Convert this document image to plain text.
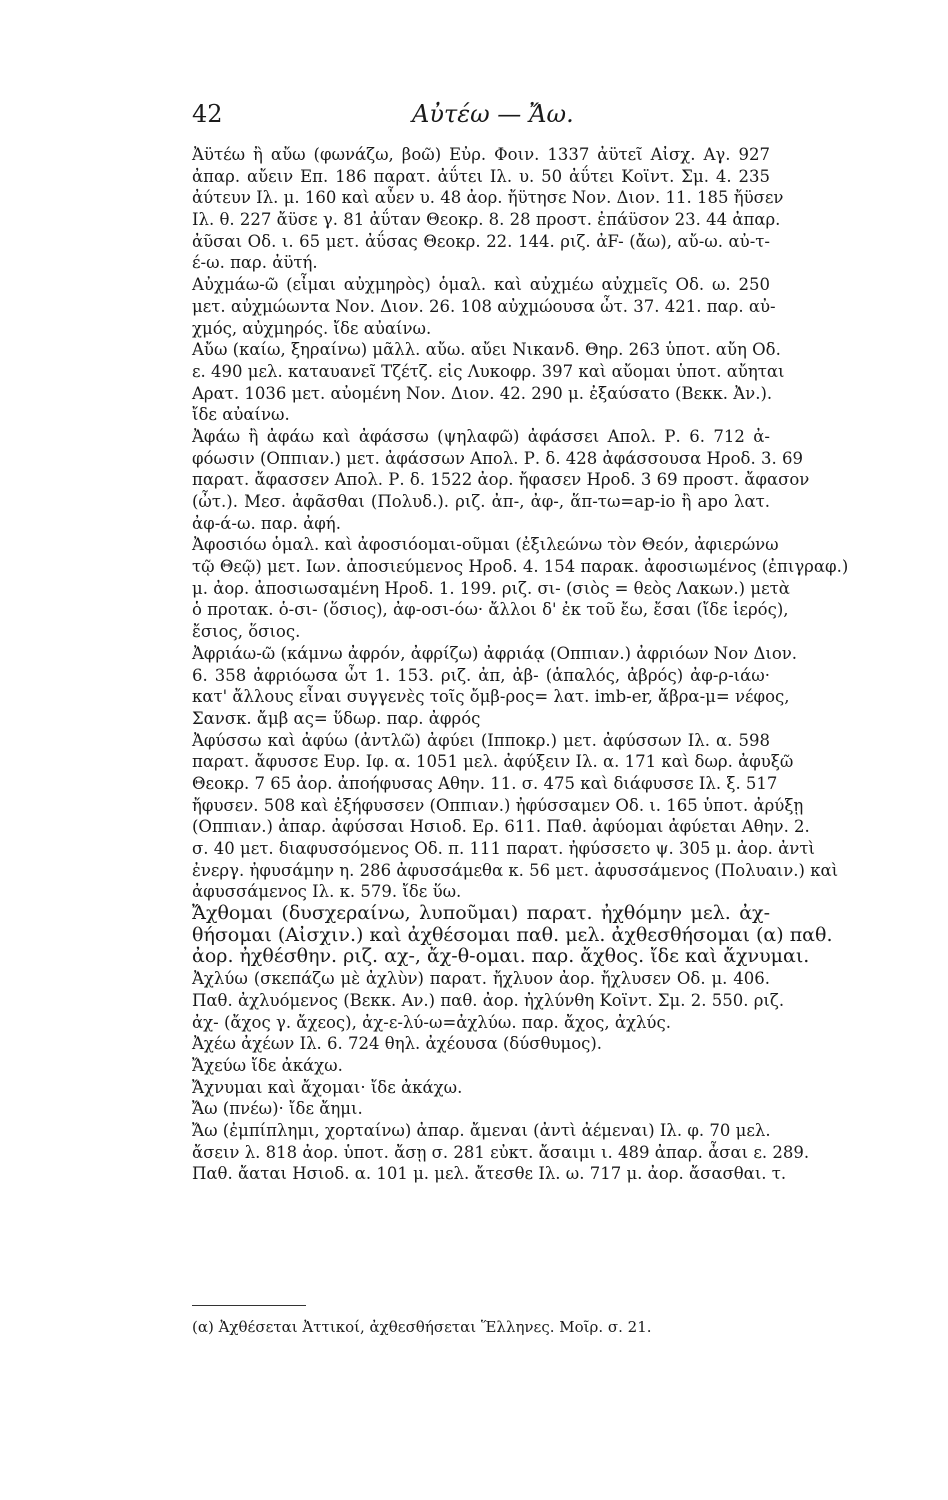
42	Αὐτέω — Ἄω.
Ἀϋτέω ἢ αὔω (φωνάζω, βοῶ) Εὐρ. Φοιν. 1337 ἀϋτεῖ Αἰσχ. Αγ. 927
ἀπαρ. αὔειν Επ. 186 παρατ. ἀΰτει Ιλ. υ. 50 ἀΰτει Κοϊντ. Σμ. 4. 235
ἀύτευν Ιλ. μ. 160 καὶ αὖεν υ. 48 ἀορ. ἤϋτησε Νον. Διον. 11. 185 ἤϋσεν
Ιλ. θ. 227 ἄϋσε γ. 81 ἀΰταν Θεοκρ. 8. 28 προστ. ἐπάϋσον 23. 44 ἀπαρ.
ἀῦσαι Οδ. ι. 65 μετ. ἀΰσας Θεοκρ. 22. 144. ριζ. ἀF- (ἄω), αὔ-ω. αὐ-τ-
έ-ω. παρ. ἀϋτή.
Αὐχμάω-ῶ (εἶμαι αὐχμηρὸς) ὁμαλ. καὶ αὐχμέω αὐχμεῖς Οδ. ω. 250
μετ. αὐχμώωντα Νον. Διον. 26. 108 αὐχμώουσα ὦτ. 37. 421. παρ. αὐ-
χμός, αὐχμηρός. ἴδε αὐαίνω.
Αὔω (καίω, ξηραίνω) μᾶλλ. αὔω. αὔει Νικανδ. Θηρ. 263 ὑποτ. αὔη Οδ.
ε. 490 μελ. καταυανεῖ Τζέτζ. εἰς Λυκοφρ. 397 καὶ αὔομαι ὑποτ. αὔηται
Αρατ. 1036 μετ. αὐομένη Νον. Διον. 42. 290 μ. ἐξαύσατο (Βεκκ. Ἀν.).
ἴδε αὐαίνω.
Ἀφάω ἢ ἀφάω καὶ ἀφάσσω (ψηλαφῶ) ἀφάσσει Απολ. Ρ. 6. 712 ἀ-
φόωσιν (Οππιαν.) μετ. ἀφάσσων Απολ. Ρ. δ. 428 ἀφάσσουσα Ηροδ. 3. 69
παρατ. ἄφασσεν Απολ. Ρ. δ. 1522 ἀορ. ἤφασεν Ηροδ. 3 69 προστ. ἄφασον
(ὦτ.). Μεσ. ἀφᾶσθαι (Πολυδ.). ριζ. ἀπ-, ἀφ-, ἅπ-τω=ap-io ἢ apo λατ.
ἀφ-ά-ω. παρ. ἀφή.
Ἀφοσιόω ὁμαλ. καὶ ἀφοσιόομαι-οῦμαι (ἐξιλεώνω τὸν Θεόν, ἀφιερώνω
τῷ Θεῷ) μετ. Ιων. ἀποσιεύμενος Ηροδ. 4. 154 παρακ. ἀφοσιωμένος (ἐπιγραφ.)
μ. ἀορ. ἀποσιωσαμένη Ηροδ. 1. 199. ριζ. σι- (σιὸς = θεὸς Λακων.) μετὰ
ὁ προτακ. ὁ-σι- (ὅσιος), ἀφ-οσι-όω· ἄλλοι δ' ἐκ τοῦ ἔω, ἔσαι (ἴδε ἱερός),
ἔσιος, ὅσιος.
Ἀφριάω-ῶ (κάμνω ἀφρόν, ἀφρίζω) ἀφριάᾳ (Οππιαν.) ἀφριόων Νον Διον.
6. 358 ἀφριόωσα ὦτ 1. 153. ριζ. ἀπ, ἀβ- (ἁπαλός, ἀβρός) ἀφ-ρ-ιάω·
κατ' ἄλλους εἶναι συγγενὲς τοῖς ὄμβ-ρος= λατ. imb-er, ἄβρα-μ= νέφος,
Σανσκ. ἄμβ ας= ὕδωρ. παρ. ἀφρός
Ἀφύσσω καὶ ἀφύω (ἀντλῶ) ἀφύει (Ιπποκρ.) μετ. ἀφύσσων Ιλ. α. 598
παρατ. ἄφυσσε Ευρ. Ιφ. α. 1051 μελ. ἀφύξειν Ιλ. α. 171 καὶ δωρ. ἀφυξῶ
Θεοκρ. 7 65 ἀορ. ἀποήφυσας Αθην. 11. σ. 475 καὶ διάφυσσε Ιλ. ξ. 517
ἤφυσεν. 508 καὶ ἐξήφυσσεν (Οππιαν.) ἠφύσσαμεν Οδ. ι. 165 ὑποτ. ἀρύξῃ
(Οππιαν.) ἀπαρ. ἀφύσσαι Ησιοδ. Ερ. 611. Παθ. ἀφύομαι ἀφύεται Αθην. 2.
σ. 40 μετ. διαφυσσόμενος Οδ. π. 111 παρατ. ἠφύσσετο ψ. 305 μ. ἀορ. ἀντὶ
ἐνεργ. ἠφυσάμην η. 286 ἀφυσσάμεθα κ. 56 μετ. ἀφυσσάμενος (Πολυαιν.) καὶ
ἀφυσσάμενος Ιλ. κ. 579. ἴδε ὕω.
Ἄχθομαι (δυσχεραίνω, λυποῦμαι) παρατ. ἠχθόμην μελ. ἀχ-
θήσομαι (Αἰσχιν.) καὶ ἀχθέσομαι παθ. μελ. ἀχθεσθήσομαι (α) παθ.
ἀορ. ἠχθέσθην. ριζ. αχ-, ἄχ-θ-ομαι. παρ. ἄχθος. ἴδε καὶ ἄχνυμαι.
Ἀχλύω (σκεπάζω μὲ ἀχλὺν) παρατ. ἤχλυον ἀορ. ἤχλυσεν Οδ. μ. 406.
Παθ. ἀχλυόμενος (Βεκκ. Αν.) παθ. ἀορ. ἠχλύνθη Κοϊντ. Σμ. 2. 550. ριζ.
ἀχ- (ἄχος γ. ἄχεος), ἀχ-ε-λύ-ω=ἀχλύω. παρ. ἄχος, ἀχλύς.
Ἀχέω ἀχέων Ιλ. 6. 724 θηλ. ἀχέουσα (δύσθυμος).
Ἄχεύω ἴδε ἀκάχω.
Ἄχνυμαι καὶ ἄχομαι· ἴδε ἀκάχω.
Ἄω (πνέω)· ἴδε ἄημι.
Ἄω (ἐμπίπλημι, χορταίνω) ἀπαρ. ἄμεναι (ἀντὶ ἀέμεναι) Ιλ. φ. 70 μελ.
ἄσειν λ. 818 ἀορ. ὑποτ. ἄσῃ σ. 281 εὐκτ. ἄσαιμι ι. 489 ἀπαρ. ἆσαι ε. 289.
Παθ. ἄαται Ησιοδ. α. 101 μ. μελ. ἄτεσθε Ιλ. ω. 717 μ. ἀορ. ἄσασθαι. τ.
(α) Ἀχθέσεται Ἀττικοί, ἀχθεσθήσεται Ἕλληνες. Μοῖρ. σ. 21.
